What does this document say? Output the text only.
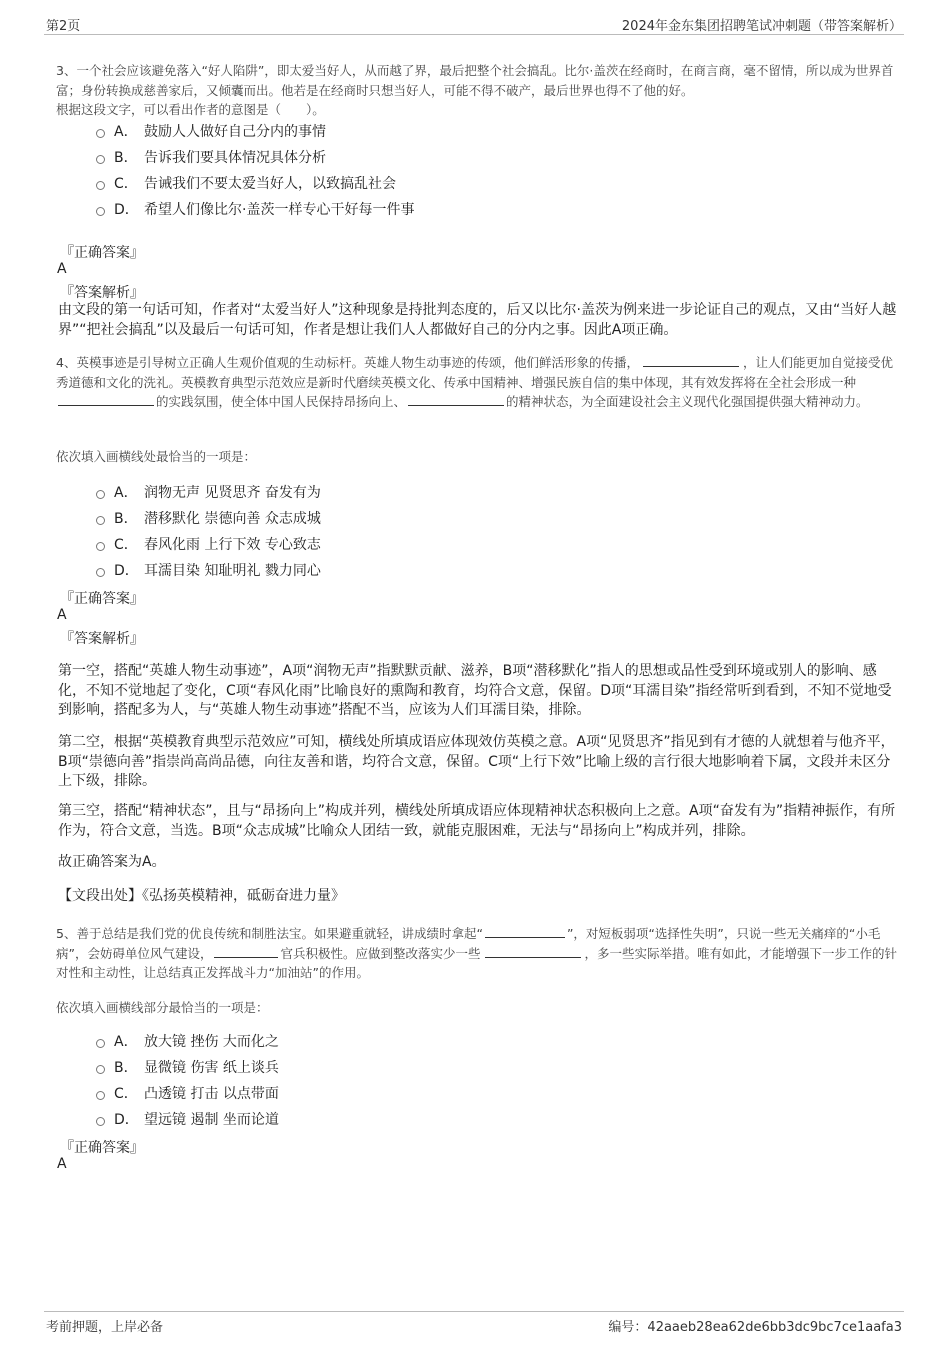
第2页	2024年金东集团招聘笔试冲刺题（带答案解析）

3、一个社会应该避免落入“好人陷阱”，即太爱当好人，从而越了界，最后把整个社会搞乱。比尔·盖茨在经商时，在商言商，毫不留情，所以成为世界首富；身份转换成慈善家后，又倾囊而出。他若是在经商时只想当好人，可能不得不破产，最后世界也得不了他的好。

根据这段文字，可以看出作者的意图是（　　）。

A． 鼓励人人做好自己分内的事情
B． 告诉我们要具体情况具体分析
C． 告诫我们不要太爱当好人，以致搞乱社会
D． 希望人们像比尔·盖茨一样专心干好每一件事

『正确答案』

A

『答案解析』

由文段的第一句话可知，作者对“太爱当好人”这种现象是持批判态度的，后又以比尔·盖茨为例来进一步论证自己的观点，又由“当好人越界”“把社会搞乱”以及最后一句话可知，作者是想让我们人人都做好自己的分内之事。因此A项正确。

4、英模事迹是引导树立正确人生观价值观的生动标杆。英雄人物生动事迹的传颂，他们鲜活形象的传播，	，让人们能更加自觉接受优秀道德和文化的洗礼。英模教育典型示范效应是新时代磨续英模文化、传承中国精神、增强民族自信的集中体现，其有效发挥将在全社会形成一种的实践氛围，使全体中国人民保持昂扬向上、	的精神状态，为全面建设社会主义现代化强国提供强大精神动力。

依次填入画横线处最恰当的一项是：

A． 润物无声 见贤思齐 奋发有为
B． 潜移默化 崇德向善 众志成城
C． 春风化雨 上行下效 专心致志
D． 耳濡目染 知耻明礼 戮力同心

『正确答案』

A

『答案解析』

第一空，搭配“英雄人物生动事迹”，A项“润物无声”指默默贡献、滋养，B项“潜移默化”指人的思想或品性受到环境或别人的影响、感化，不知不觉地起了变化，C项“春风化雨”比喻良好的熏陶和教育，均符合文意，保留。D项“耳濡目染”指经常听到看到，不知不觉地受到影响，搭配多为人，与“英雄人物生动事迹”搭配不当，应该为人们耳濡目染，排除。

第二空，根据“英模教育典型示范效应”可知，横线处所填成语应体现效仿英模之意。A项“见贤思齐”指见到有才德的人就想着与他齐平，B项“崇德向善”指崇尚高尚品德，向往友善和谐，均符合文意，保留。C项“上行下效”比喻上级的言行很大地影响着下属，文段并未区分上下级，排除。

第三空，搭配“精神状态”，且与“昂扬向上”构成并列，横线处所填成语应体现精神状态积极向上之意。A项“奋发有为”指精神振作，有所作为，符合文意，当选。B项“众志成城”比喻众人团结一致，就能克服困难，无法与“昂扬向上”构成并列，排除。

故正确答案为A。

【文段出处】《弘扬英模精神，砥砺奋进力量》

5、善于总结是我们党的优良传统和制胜法宝。如果避重就轻，讲成绩时拿起“	”，对短板弱项“选择性失明”，只说一些无关痛痒的“小毛病”，会妨碍单位风气建设，	官兵积极性。应做到整改落实少一些	，多一些实际举措。唯有如此，才能增强下一步工作的针对性和主动性，让总结真正发挥战斗力“加油站”的作用。

依次填入画横线部分最恰当的一项是：

A． 放大镜 挫伤 大而化之
B． 显微镜 伤害 纸上谈兵
C． 凸透镜 打击 以点带面
D． 望远镜 遏制 坐而论道

『正确答案』

A

考前押题，上岸必备	编号：42aaeb28ea62de6bb3dc9bc7ce1aafa3
